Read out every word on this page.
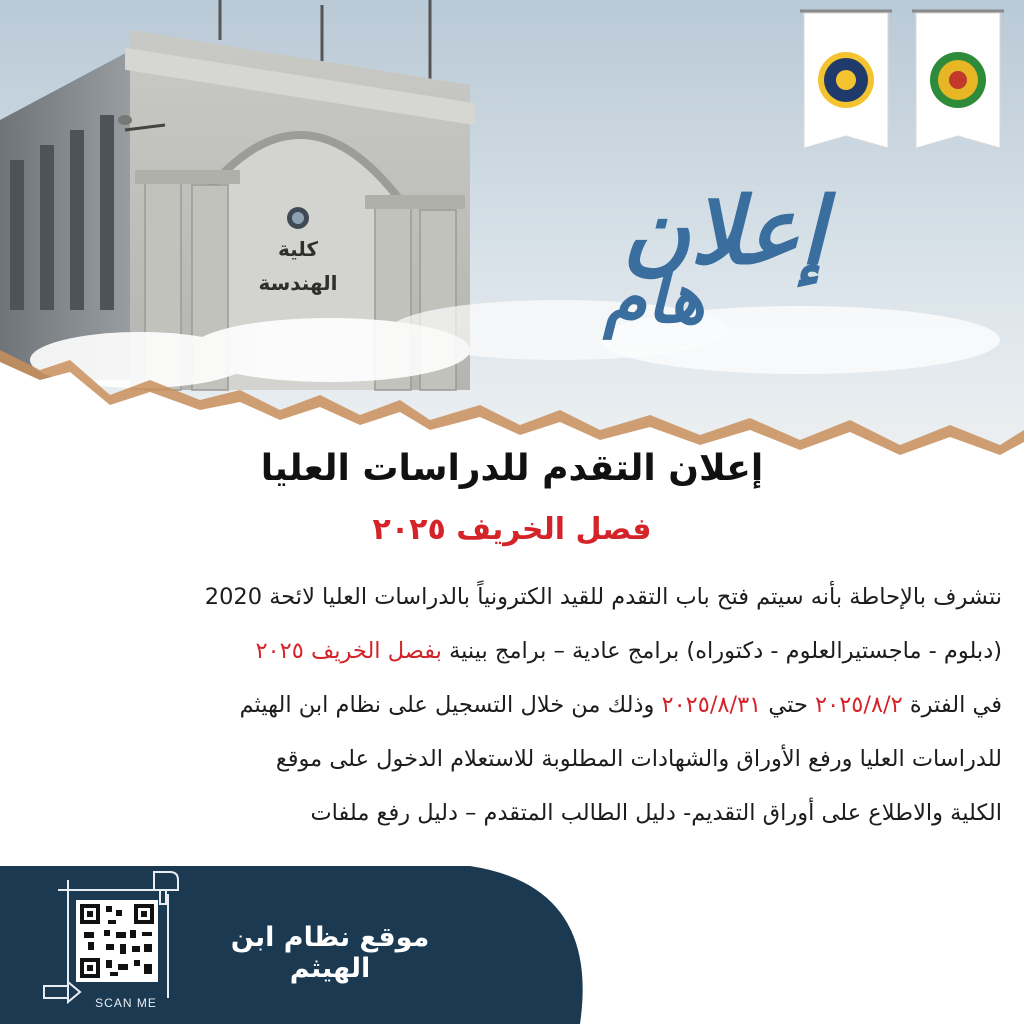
كلية
الهندسة	إعلان
هام
إعلان التقدم للدراسات العليا
فصل الخريف ٢٠٢٥
نتشرف بالإحاطة بأنه سيتم فتح باب التقدم للقيد الكترونياً بالدراسات العليا لائحة 2020
(دبلوم - ماجستيرالعلوم - دكتوراه) برامج عادية – برامج بينية بفصل الخريف ٢٠٢٥
في الفترة ٢٠٢٥/٨/٢ حتي ٢٠٢٥/٨/٣١ وذلك من خلال التسجيل على نظام ابن الهيثم
للدراسات العليا ورفع الأوراق والشهادات المطلوبة للاستعلام الدخول على موقع
الكلية والاطلاع على أوراق التقديم- دليل الطالب المتقدم – دليل رفع ملفات
SCAN ME
موقع نظام ابن الهيثم
